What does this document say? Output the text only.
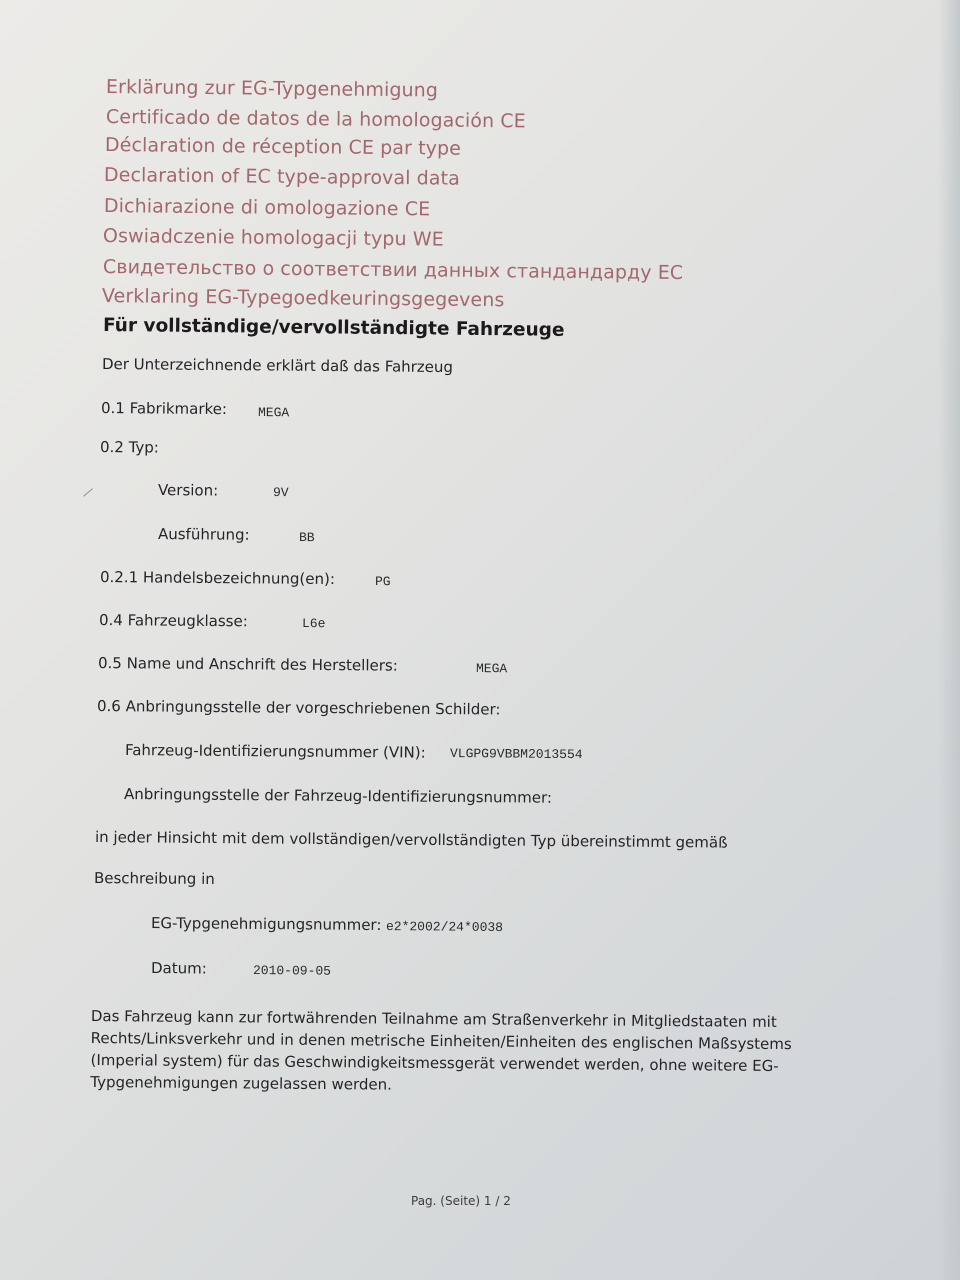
Erklärung zur EG-Typgenehmigung
Certificado de datos de la homologación CE
Déclaration de réception CE par type
Declaration of EC type-approval data
Dichiarazione di omologazione CE
Oswiadczenie homologacji typu WE
Свидетельство о соответствии данных стандандарду ЕС
Verklaring EG-Typegoedkeuringsgegevens
Für vollständige/vervollständigte Fahrzeuge
Der Unterzeichnende erklärt daß das Fahrzeug
0.1 Fabrikmarke: MEGA
0.2 Typ:
Version:	9V
Ausführung:	BB
0.2.1 Handelsbezeichnung(en):	PG
0.4 Fahrzeugklasse:	L6e
0.5 Name und Anschrift des Herstellers:	MEGA
0.6 Anbringungsstelle der vorgeschriebenen Schilder:
Fahrzeug-Identifizierungsnummer (VIN): VLGPG9VBBM2013554
Anbringungsstelle der Fahrzeug-Identifizierungsnummer:
in jeder Hinsicht mit dem vollständigen/vervollständigten Typ übereinstimmt gemäß
Beschreibung in
EG-Typgenehmigungsnummer: e2*2002/24*0038
Datum:	2010-09-05
Das Fahrzeug kann zur fortwährenden Teilnahme am Straßenverkehr in Mitgliedstaaten mit
Rechts/Linksverkehr und in denen metrische Einheiten/Einheiten des englischen Maßsystems
(Imperial system) für das Geschwindigkeitsmessgerät verwendet werden, ohne weitere EG-
Typgenehmigungen zugelassen werden.
Pag. (Seite) 1 / 2
